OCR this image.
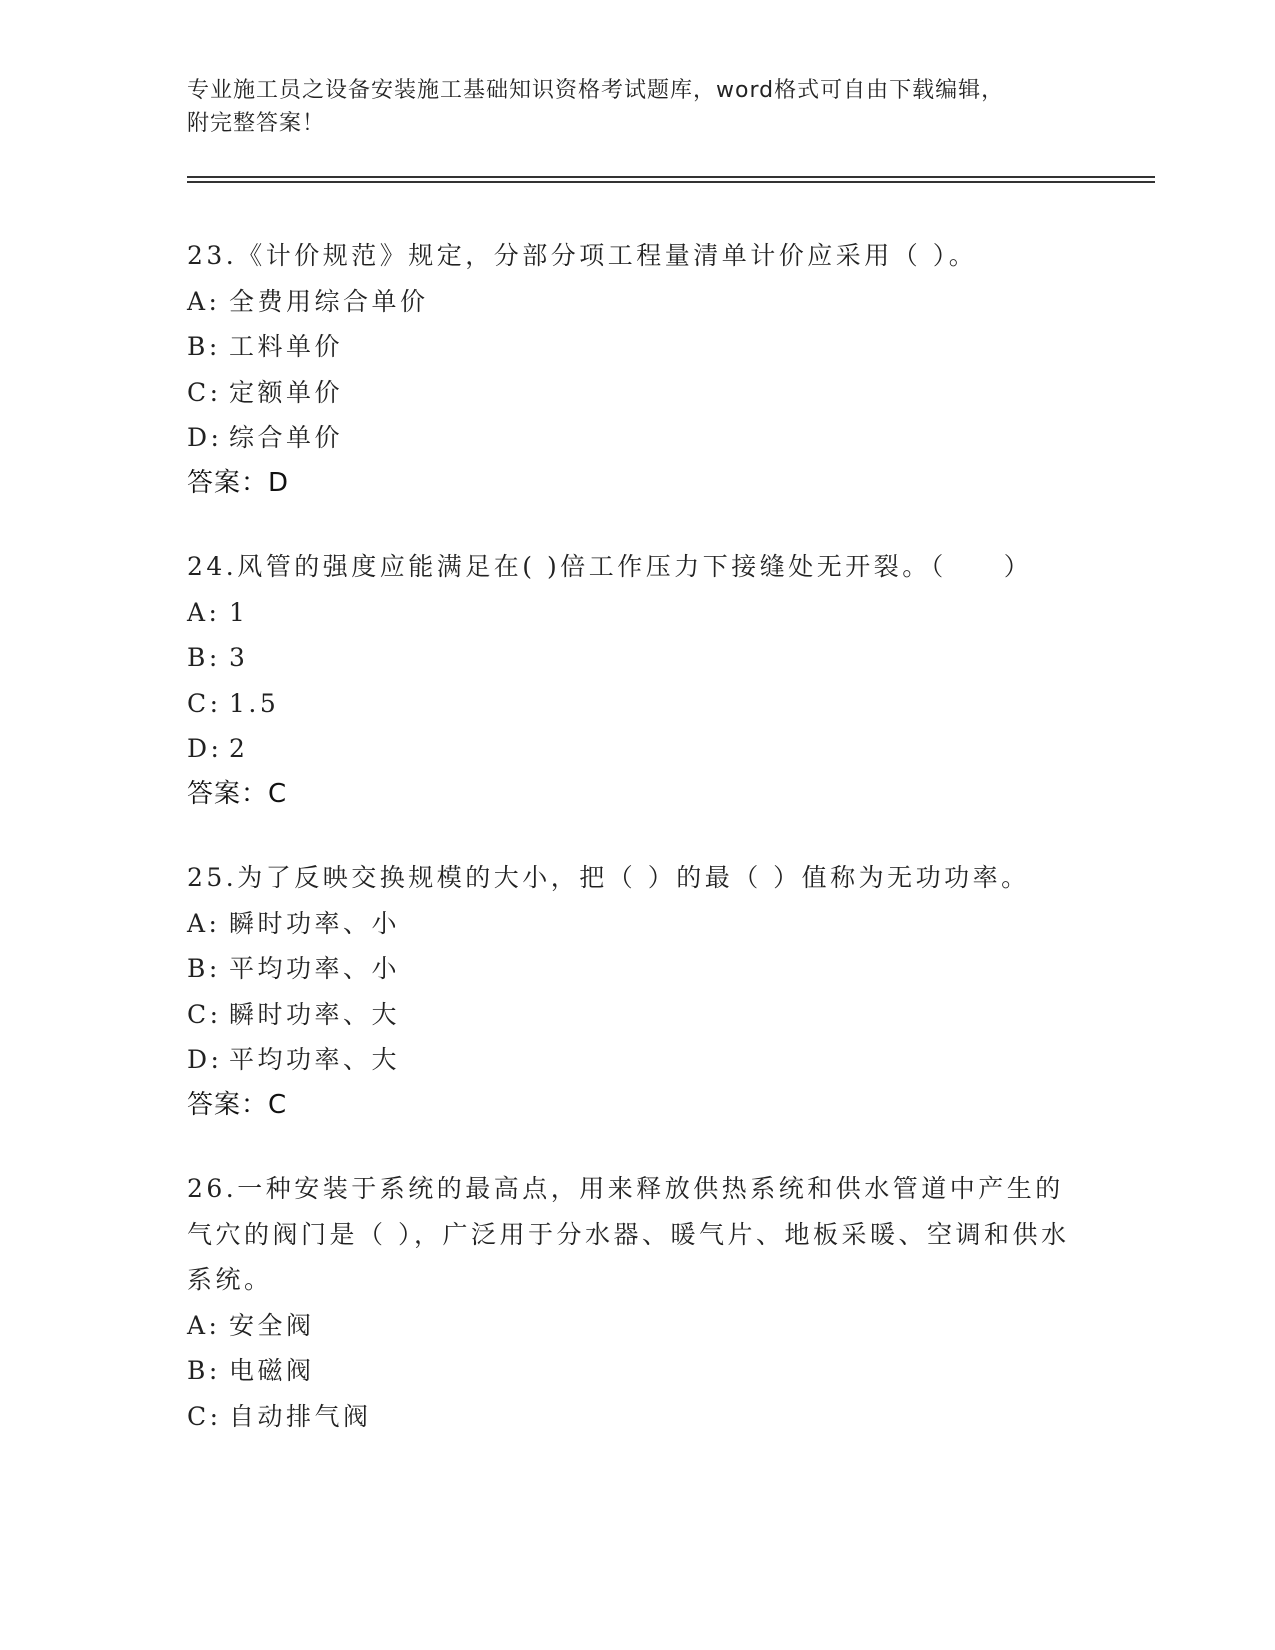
专业施工员之设备安装施工基础知识资格考试题库，word格式可自由下载编辑，
附完整答案！

23.《计价规范》规定，分部分项工程量清单计价应采用（ ）。

A: 全费用综合单价

B: 工料单价

C: 定额单价

D: 综合单价

答案：D

24.风管的强度应能满足在( )倍工作压力下接缝处无开裂。（　　）

A: 1

B: 3

C: 1.5

D: 2

答案：C

25.为了反映交换规模的大小，把（ ）的最（ ）值称为无功功率。

A: 瞬时功率、小

B: 平均功率、小

C: 瞬时功率、大

D: 平均功率、大

答案：C

26.一种安装于系统的最高点，用来释放供热系统和供水管道中产生的气穴的阀门是（ ），广泛用于分水器、暖气片、地板采暖、空调和供水系统。

A: 安全阀

B: 电磁阀

C: 自动排气阀
